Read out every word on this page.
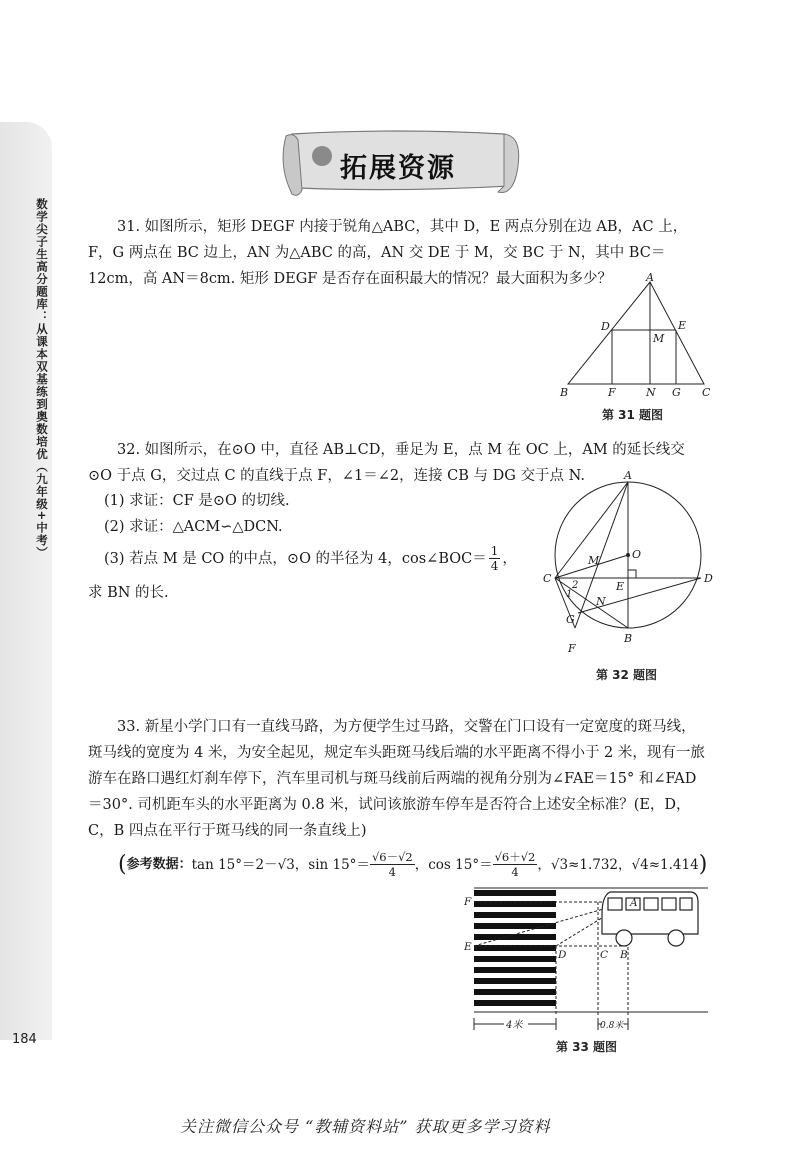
数学尖子生高分题库：从课本双基练到奥数培优（九年级+中考）
184
拓展资源

31. 如图所示，矩形 DEGF 内接于锐角△ABC，其中 D，E 两点分别在边 AB，AC 上，F，G 两点在 BC 边上，AN 为△ABC 的高，AN 交 DE 于 M，交 BC 于 N，其中 BC＝12cm，高 AN＝8cm. 矩形 DEGF 是否存在面积最大的情况？最大面积为多少？	A
D	E
M
B	F	N G C
第 31 题图

32. 如图所示，在⊙O 中，直径 AB⊥CD，垂足为 E，点 M 在 OC 上，AM 的延长线交⊙O 于点 G，交过点 C 的直线于点 F，∠1＝∠2，连接 CB 与 DG 交于点 N.

(1) 求证：CF 是⊙O 的切线.

(2) 求证：△ACM∽△DCN.

(3) 若点 M 是 CO 的中点，⊙O 的半径为 4，cos∠BOC＝ $\frac{1}{4}$ ，

求 BN 的长.

A
O
M
C
E
D
G
N
B
F
1
2
第 32 题图

33. 新星小学门口有一直线马路，为方便学生过马路，交警在门口设有一定宽度的斑马线，斑马线的宽度为 4 米，为安全起见，规定车头距斑马线后端的水平距离不得小于 2 米，现有一旅游车在路口遇红灯刹车停下，汽车里司机与斑马线前后两端的视角分别为∠FAE＝15° 和∠FAD＝30°. 司机距车头的水平距离为 0.8 米，试问该旅游车停车是否符合上述安全标准？(E，D，C，B 四点在平行于斑马线的同一条直线上)

( 参考数据： tan 15°＝2－√3，$\sin 15^\circ= \frac{√6-√2}{4}$ ，$\cos 15^\circ= \frac{√6+√2}{4}$ ，√3≈1.732，√4≈1.414 )
F
E
A
D	C B
4米	0.8米
第 33 题图
关注微信公众号 “教辅资料站” 获取更多学习资料
